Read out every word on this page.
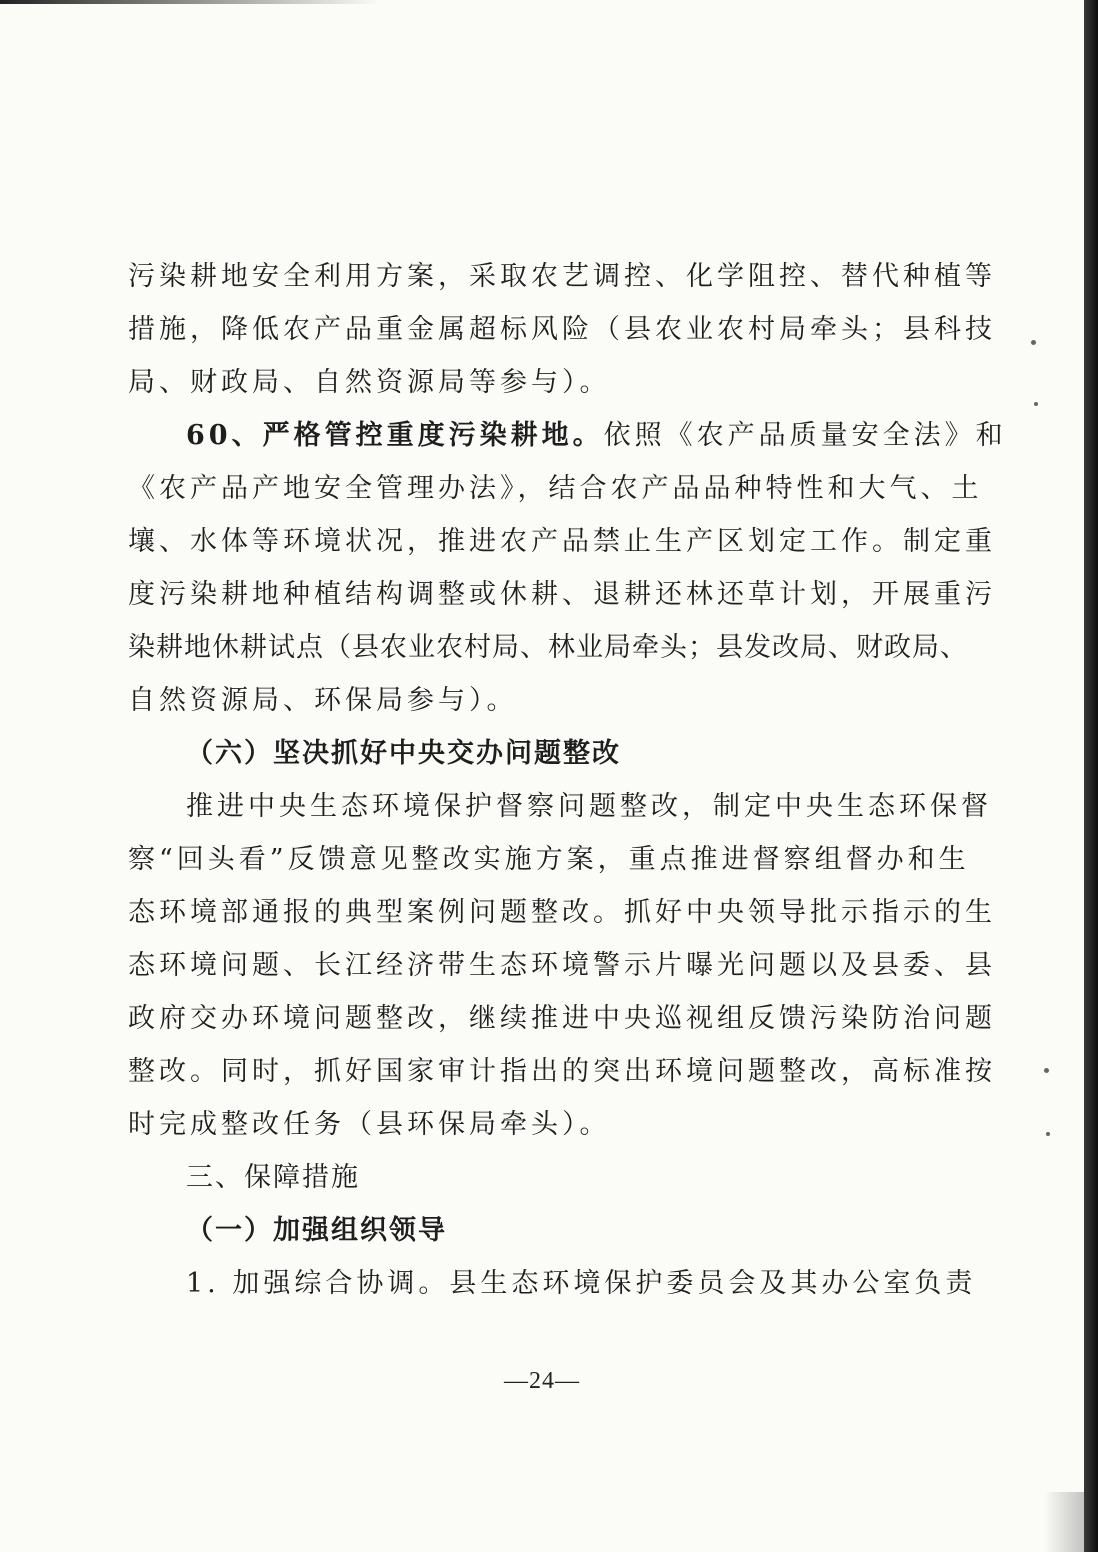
污染耕地安全利用方案，采取农艺调控、化学阻控、替代种植等
措施，降低农产品重金属超标风险（县农业农村局牵头；县科技
局、财政局、自然资源局等参与）。
60、严格管控重度污染耕地。依照《农产品质量安全法》和
《农产品产地安全管理办法》，结合农产品品种特性和大气、土
壤、水体等环境状况，推进农产品禁止生产区划定工作。制定重
度污染耕地种植结构调整或休耕、退耕还林还草计划，开展重污
染耕地休耕试点（县农业农村局、林业局牵头；县发改局、财政局、
自然资源局、环保局参与）。
（六）坚决抓好中央交办问题整改
推进中央生态环境保护督察问题整改，制定中央生态环保督
察“回头看”反馈意见整改实施方案，重点推进督察组督办和生
态环境部通报的典型案例问题整改。抓好中央领导批示指示的生
态环境问题、长江经济带生态环境警示片曝光问题以及县委、县
政府交办环境问题整改，继续推进中央巡视组反馈污染防治问题
整改。同时，抓好国家审计指出的突出环境问题整改，高标准按
时完成整改任务（县环保局牵头）。
三、保障措施
（一）加强组织领导
1. 加强综合协调。县生态环境保护委员会及其办公室负责
—24—
